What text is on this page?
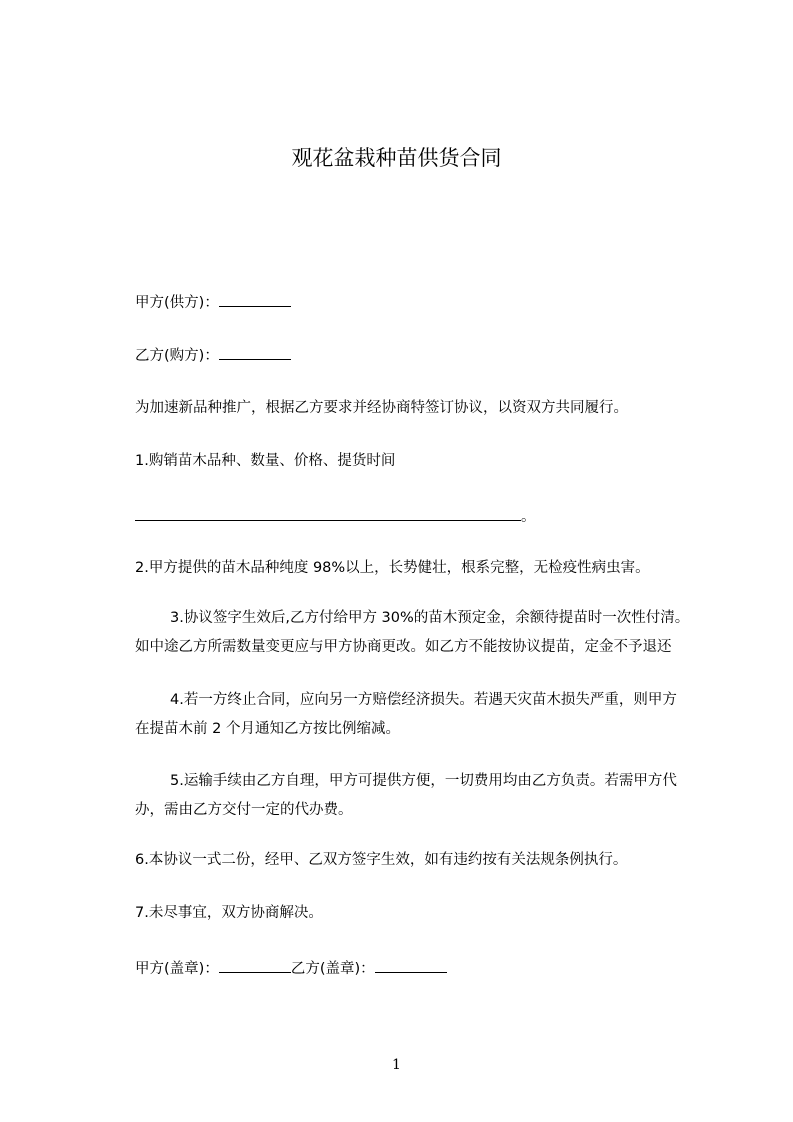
观花盆栽种苗供货合同
甲方(供方)：
乙方(购方)：
为加速新品种推广，根据乙方要求并经协商特签订协议，以资双方共同履行。
1.购销苗木品种、数量、价格、提货时间
。
2.甲方提供的苗木品种纯度 98%以上，长势健壮，根系完整，无检疫性病虫害。
3.协议签字生效后,乙方付给甲方 30%的苗木预定金，余额待提苗时一次性付清。
如中途乙方所需数量变更应与甲方协商更改。如乙方不能按协议提苗，定金不予退还
4.若一方终止合同，应向另一方赔偿经济损失。若遇天灾苗木损失严重，则甲方
在提苗木前 2 个月通知乙方按比例缩减。
5.运输手续由乙方自理，甲方可提供方便，一切费用均由乙方负责。若需甲方代
办，需由乙方交付一定的代办费。
6.本协议一式二份，经甲、乙双方签字生效，如有违约按有关法规条例执行。
7.未尽事宜，双方协商解决。
甲方(盖章)：	乙方(盖章)：
1
